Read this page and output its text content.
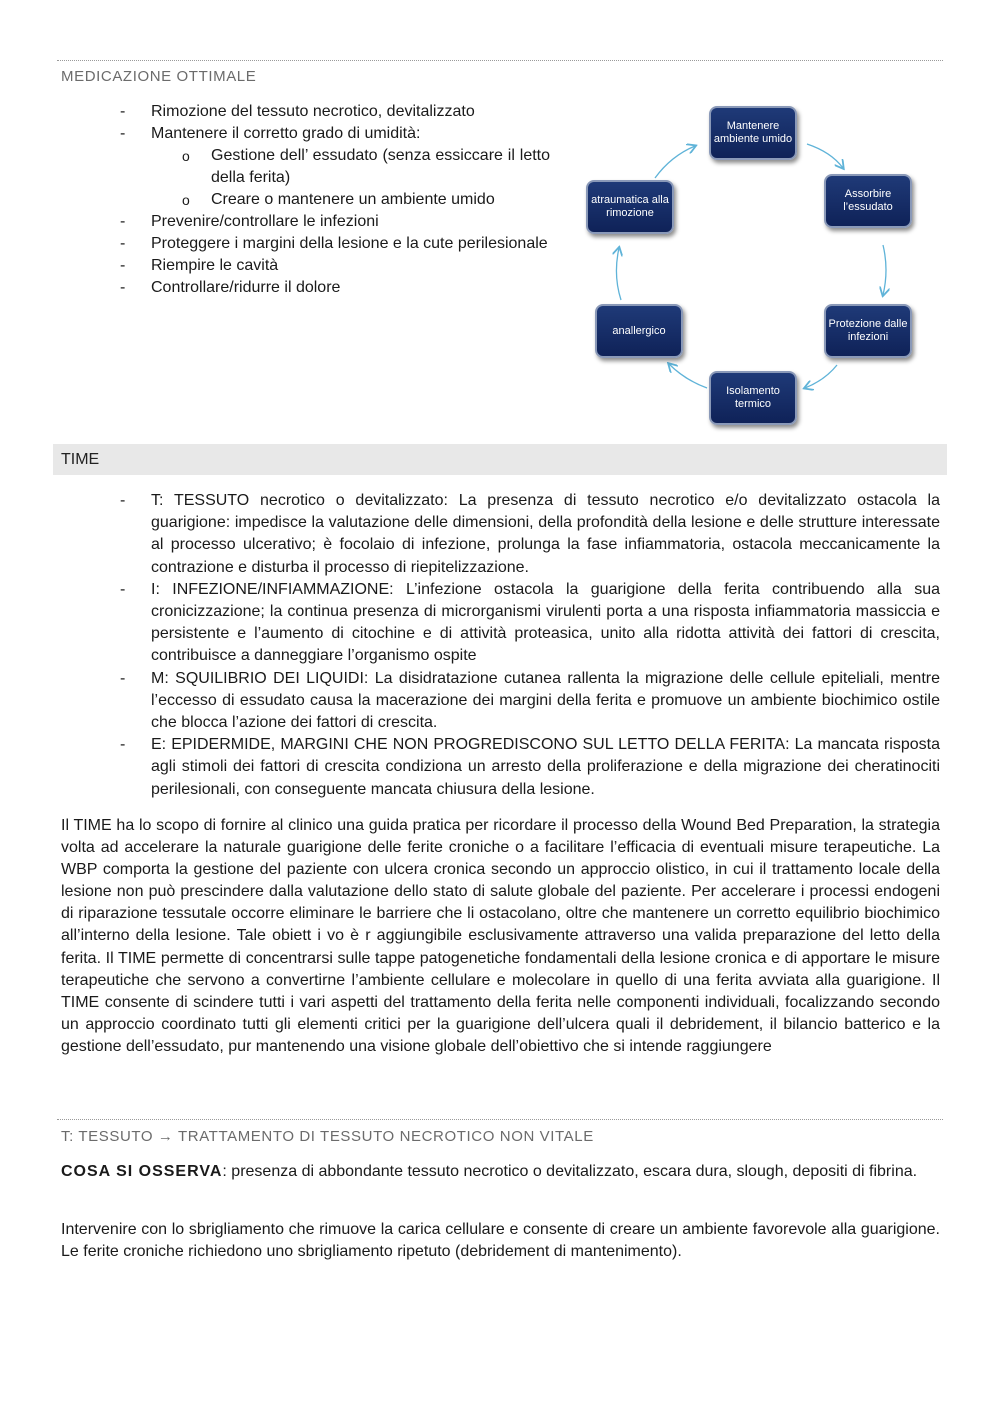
MEDICAZIONE OTTIMALE
-	Rimozione del tessuto necrotico, devitalizzato
-	Mantenere il corretto grado di umidità:
o	Gestione dell’ essudato (senza essiccare il letto della ferita)
o	Creare o mantenere un ambiente umido
-	Prevenire/controllare le infezioni
-	Proteggere i margini della lesione e la cute perilesionale
-	Riempire le cavità
-	Controllare/ridurre il dolore
Mantenere ambiente umido
Assorbire l’essudato
Protezione dalle infezioni
Isolamento termico
anallergico
atraumatica alla rimozione
TIME
-	T: TESSUTO necrotico o devitalizzato: La presenza di tessuto necrotico e/o devitalizzato ostacola la guarigione: impedisce la valutazione delle dimensioni, della profondità della lesione e delle strutture interessate al processo ulcerativo; è focolaio di infezione, prolunga la fase infiammatoria, ostacola meccanicamente la contrazione e disturba il processo di riepitelizzazione.
-	I: INFEZIONE/INFIAMMAZIONE: L’infezione ostacola la guarigione della ferita contribuendo alla sua cronicizzazione; la continua presenza di microrganismi virulenti porta a una risposta infiammatoria massiccia e persistente e l’aumento di citochine e di attività proteasica, unito alla ridotta attività dei fattori di crescita, contribuisce a danneggiare l’organismo ospite
-	M: SQUILIBRIO DEI LIQUIDI: La disidratazione cutanea rallenta la migrazione delle cellule epiteliali, mentre l’eccesso di essudato causa la macerazione dei margini della ferita e promuove un ambiente biochimico ostile che blocca l’azione dei fattori di crescita.
-	E: EPIDERMIDE, MARGINI CHE NON PROGREDISCONO SUL LETTO DELLA FERITA: La mancata risposta agli stimoli dei fattori di crescita condiziona un arresto della proliferazione e della migrazione dei cheratinociti perilesionali, con conseguente mancata chiusura della lesione.
Il TIME ha lo scopo di fornire al clinico una guida pratica per ricordare il processo della Wound Bed Preparation, la strategia volta ad accelerare la naturale guarigione delle ferite croniche o a facilitare l’efficacia di eventuali misure terapeutiche. La WBP comporta la gestione del paziente con ulcera cronica secondo un approccio olistico, in cui il trattamento locale della lesione non può prescindere dalla valutazione dello stato di salute globale del paziente. Per accelerare i processi endogeni di riparazione tessutale occorre eliminare le barriere che li ostacolano, oltre che mantenere un corretto equilibrio biochimico all’interno della lesione. Tale obiett i vo è r aggiungibile esclusivamente attraverso una valida preparazione del letto della ferita. Il TIME permette di concentrarsi sulle tappe patogenetiche fondamentali della lesione cronica e di apportare le misure terapeutiche che servono a convertirne l’ambiente cellulare e molecolare in quello di una ferita avviata alla guarigione. Il TIME consente di scindere tutti i vari aspetti del trattamento della ferita nelle componenti individuali, focalizzando secondo un approccio coordinato tutti gli elementi critici per la guarigione dell’ulcera quali il debridement, il bilancio batterico e la gestione dell’essudato, pur mantenendo una visione globale dell’obiettivo che si intende raggiungere
T: TESSUTO → TRATTAMENTO DI TESSUTO NECROTICO NON VITALE
COSA SI OSSERVA: presenza di abbondante tessuto necrotico o devitalizzato, escara dura, slough, depositi di fibrina.
Intervenire con lo sbrigliamento che rimuove la carica cellulare e consente di creare un ambiente favorevole alla guarigione. Le ferite croniche richiedono uno sbrigliamento ripetuto (debridement di mantenimento).
